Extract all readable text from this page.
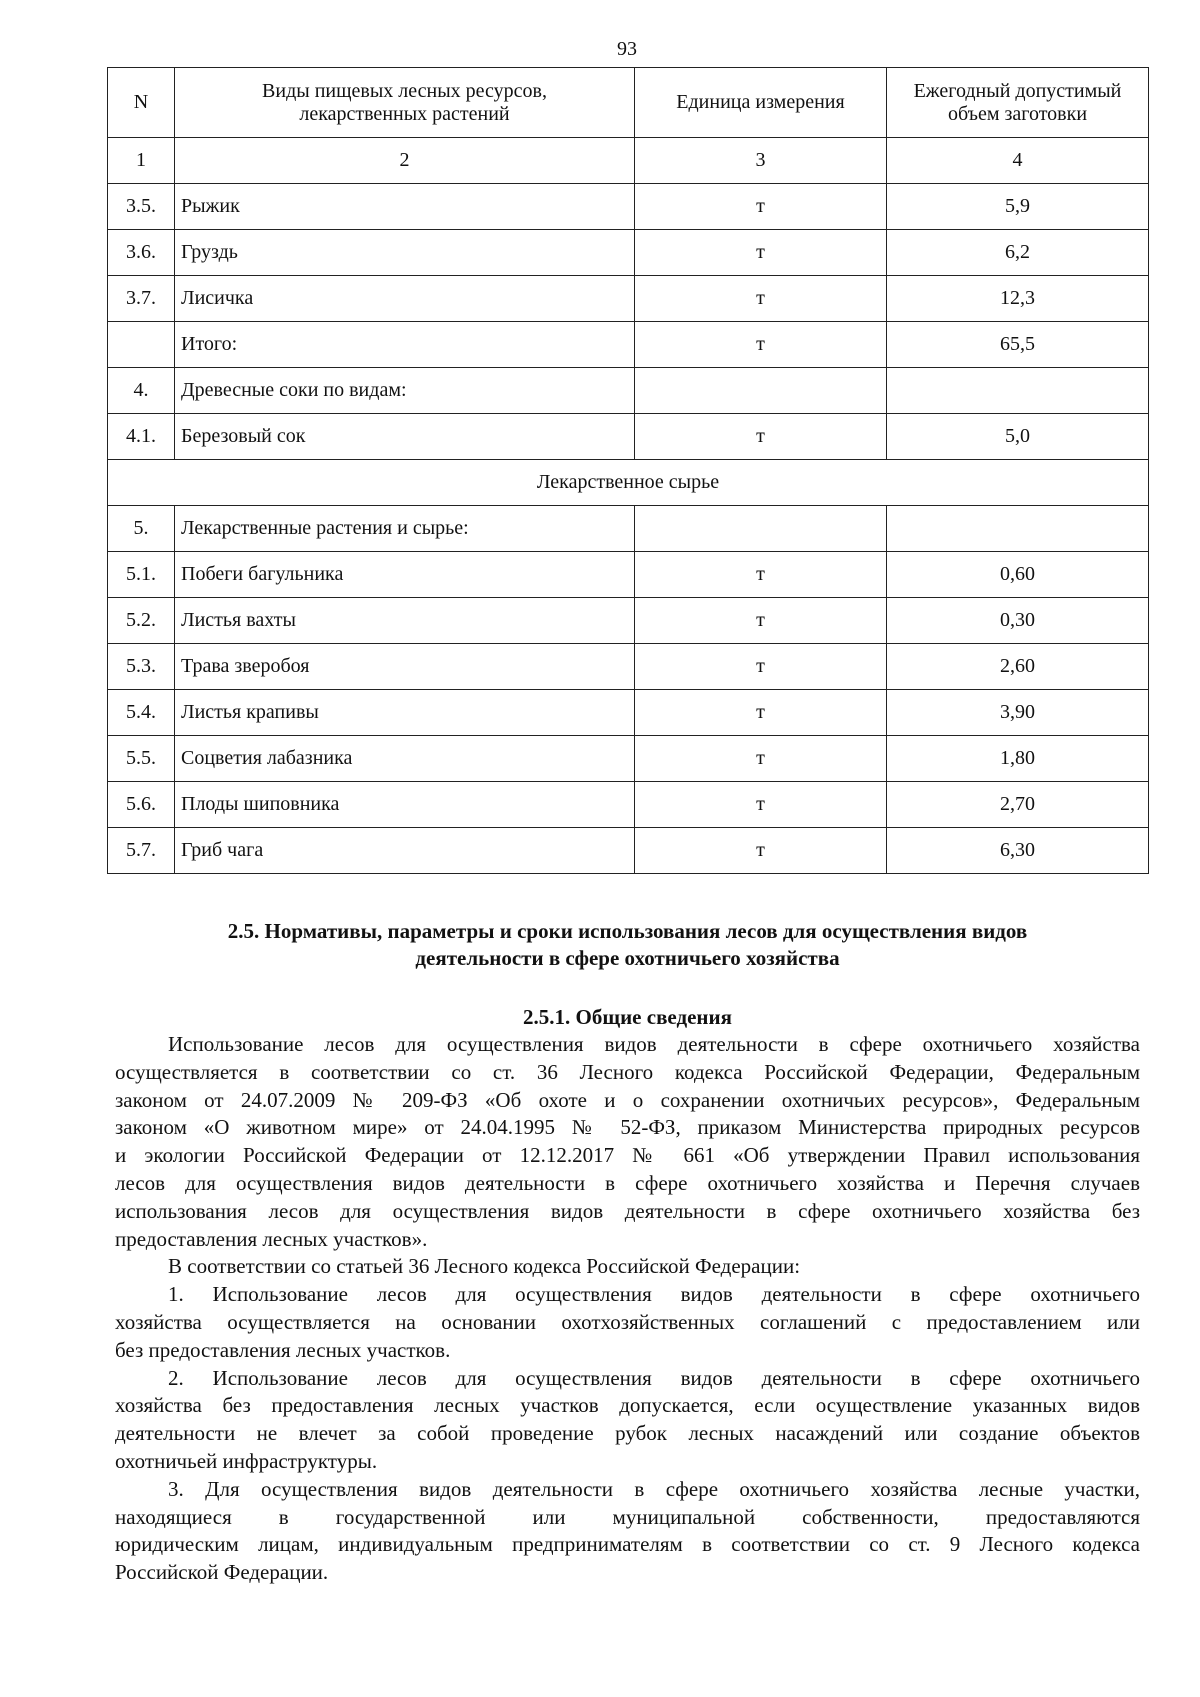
93
N	Виды пищевых лесных ресурсов, лекарственных растений	Единица измерения	Ежегодный допустимый объем заготовки
1	2	3	4
3.5.	Рыжик	т	5,9
3.6.	Груздь	т	6,2
3.7.	Лисичка	т	12,3
	Итого:	т	65,5
4.	Древесные соки по видам:		
4.1.	Березовый сок	т	5,0
Лекарственное сырье			
5.	Лекарственные растения и сырье:		
5.1.	Побеги багульника	т	0,60
5.2.	Листья вахты	т	0,30
5.3.	Трава зверобоя	т	2,60
5.4.	Листья крапивы	т	3,90
5.5.	Соцветия лабазника	т	1,80
5.6.	Плоды шиповника	т	2,70
5.7.	Гриб чага	т	6,30
2.5. Нормативы, параметры и сроки использования лесов для осуществления видов
деятельности в сфере охотничьего хозяйства
2.5.1. Общие сведения
Использование лесов для осуществления видов деятельности в сфере охотничьего хозяйства
осуществляется в соответствии со ст. 36 Лесного кодекса Российской Федерации, Федеральным
законом от 24.07.2009 № 209-ФЗ «Об охоте и о сохранении охотничьих ресурсов», Федеральным
законом «О животном мире» от 24.04.1995 № 52-ФЗ, приказом Министерства природных ресурсов
и экологии Российской Федерации от 12.12.2017 № 661 «Об утверждении Правил использования
лесов для осуществления видов деятельности в сфере охотничьего хозяйства и Перечня случаев
использования лесов для осуществления видов деятельности в сфере охотничьего хозяйства без
предоставления лесных участков».
В соответствии со статьей 36 Лесного кодекса Российской Федерации:
1. Использование лесов для осуществления видов деятельности в сфере охотничьего
хозяйства осуществляется на основании охотхозяйственных соглашений с предоставлением или
без предоставления лесных участков.
2. Использование лесов для осуществления видов деятельности в сфере охотничьего
хозяйства без предоставления лесных участков допускается, если осуществление указанных видов
деятельности не влечет за собой проведение рубок лесных насаждений или создание объектов
охотничьей инфраструктуры.
3. Для осуществления видов деятельности в сфере охотничьего хозяйства лесные участки,
находящиеся в государственной или муниципальной собственности, предоставляются
юридическим лицам, индивидуальным предпринимателям в соответствии со ст. 9 Лесного кодекса
Российской Федерации.
